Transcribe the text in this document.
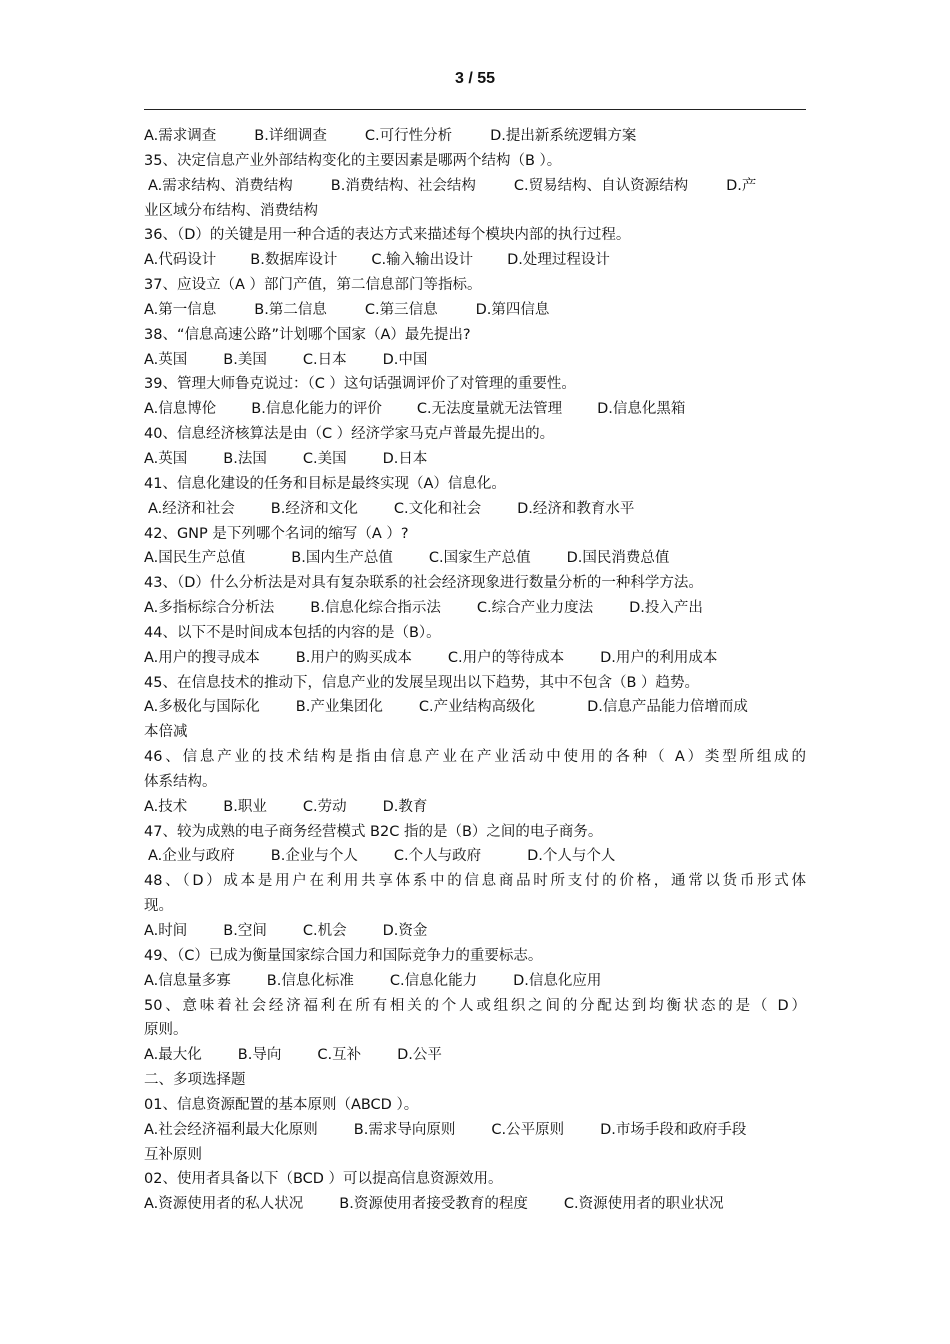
3 / 55
A.需求调查	B.详细调查	C.可行性分析	D.提出新系统逻辑方案
35、决定信息产业外部结构变化的主要因素是哪两个结构（B ）。
A.需求结构、消费结构	B.消费结构、社会结构	C.贸易结构、自认资源结构	D.产
业区域分布结构、消费结构
36、（D）的关键是用一种合适的表达方式来描述每个模块内部的执行过程。
A.代码设计 B.数据库设计 C.输入输出设计 D.处理过程设计
37、应设立（A ）部门产值，第二信息部门等指标。
A.第一信息	B.第二信息	C.第三信息	D.第四信息
38、“信息高速公路”计划哪个国家（A）最先提出?
A.英国 B.美国 C.日本 D.中国
39、管理大师鲁克说过：（C ）这句话强调评价了对管理的重要性。
A.信息博伦 B.信息化能力的评价 C.无法度量就无法管理 D.信息化黑箱
40、信息经济核算法是由（C ）经济学家马克卢普最先提出的。
A.英国 B.法国 C.美国 D.日本
41、信息化建设的任务和目标是最终实现（A）信息化。
A.经济和社会 B.经济和文化 C.文化和社会 D.经济和教育水平
42、GNP 是下列哪个名词的缩写（A ）?
A.国民生产总值	B.国内生产总值 C.国家生产总值 D.国民消费总值
43、（D）什么分析法是对具有复杂联系的社会经济现象进行数量分析的一种科学方法。
A.多指标综合分析法 B.信息化综合指示法 C.综合产业力度法 D.投入产出
44、以下不是时间成本包括的内容的是（B）。
A.用户的搜寻成本 B.用户的购买成本 C.用户的等待成本 D.用户的利用成本
45、在信息技术的推动下，信息产业的发展呈现出以下趋势，其中不包含（B ）趋势。
A.多极化与国际化 B.产业集团化 C.产业结构高级化	D.信息产品能力倍增而成
本倍减
46、信息产业的技术结构是指由信息产业在产业活动中使用的各种（ A）类型所组成的
体系结构。
A.技术 B.职业 C.劳动 D.教育
47、较为成熟的电子商务经营模式 B2C 指的是（B）之间的电子商务。
A.企业与政府 B.企业与个人 C.个人与政府	D.个人与个人
48、（D）成本是用户在利用共享体系中的信息商品时所支付的价格，通常以货币形式体
现。
A.时间 B.空间 C.机会 D.资金
49、（C）已成为衡量国家综合国力和国际竞争力的重要标志。
A.信息量多寡 B.信息化标准 C.信息化能力 D.信息化应用
50、意味着社会经济福利在所有相关的个人或组织之间的分配达到均衡状态的是（ D）
原则。
A.最大化 B.导向 C.互补 D.公平
二、多项选择题
01、信息资源配置的基本原则（ABCD ）。
A.社会经济福利最大化原则 B.需求导向原则 C.公平原则 D.市场手段和政府手段
互补原则
02、使用者具备以下（BCD ）可以提高信息资源效用。
A.资源使用者的私人状况 B.资源使用者接受教育的程度 C.资源使用者的职业状况
